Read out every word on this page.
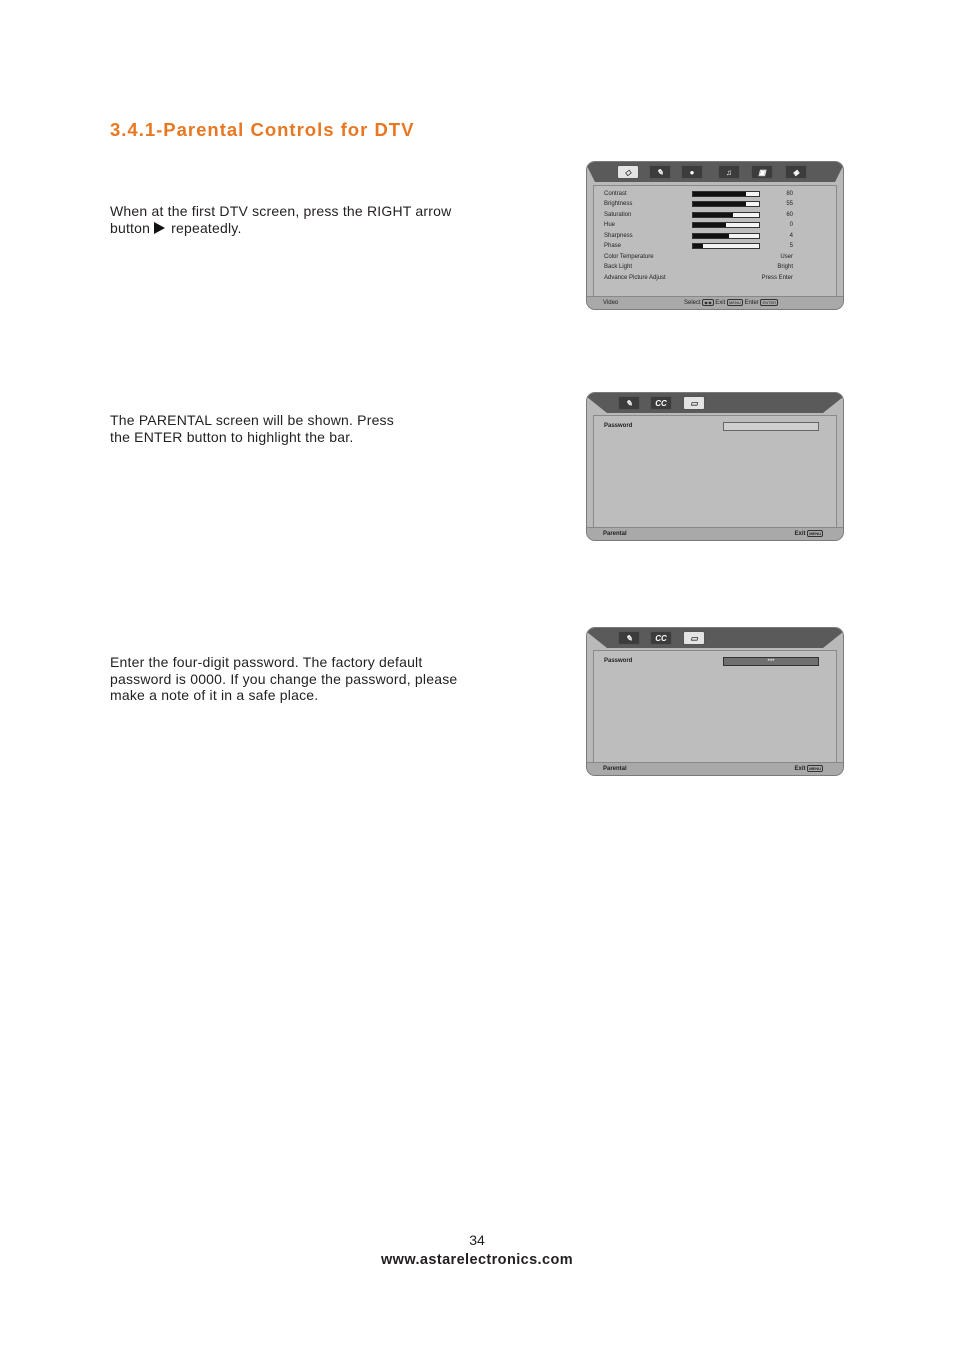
3.4.1-Parental Controls for DTV

When at the first DTV screen, press the RIGHT arrow
button repeatedly.

The PARENTAL screen will be shown. Press
the ENTER button to highlight the bar.

Enter the four-digit password. The factory default
password is 0000. If you change the password, please
make a note of it in a safe place.

◇	✎	●	♫	▣	◈
Contrast	80
Brightness	55
Saturation	60
Hue	0
Sharpness	4
Phase	5
Color Temperature	User
Back Light	Bright
Advance Picture Adjust	Press Enter
Video	Select ◆/◆ Exit MENU Enter ENTER
✎	CC	▭
Password
Parental	Exit MENU
✎	CC	▭
Password	***
Parental	Exit MENU
34
www.astarelectronics.com
